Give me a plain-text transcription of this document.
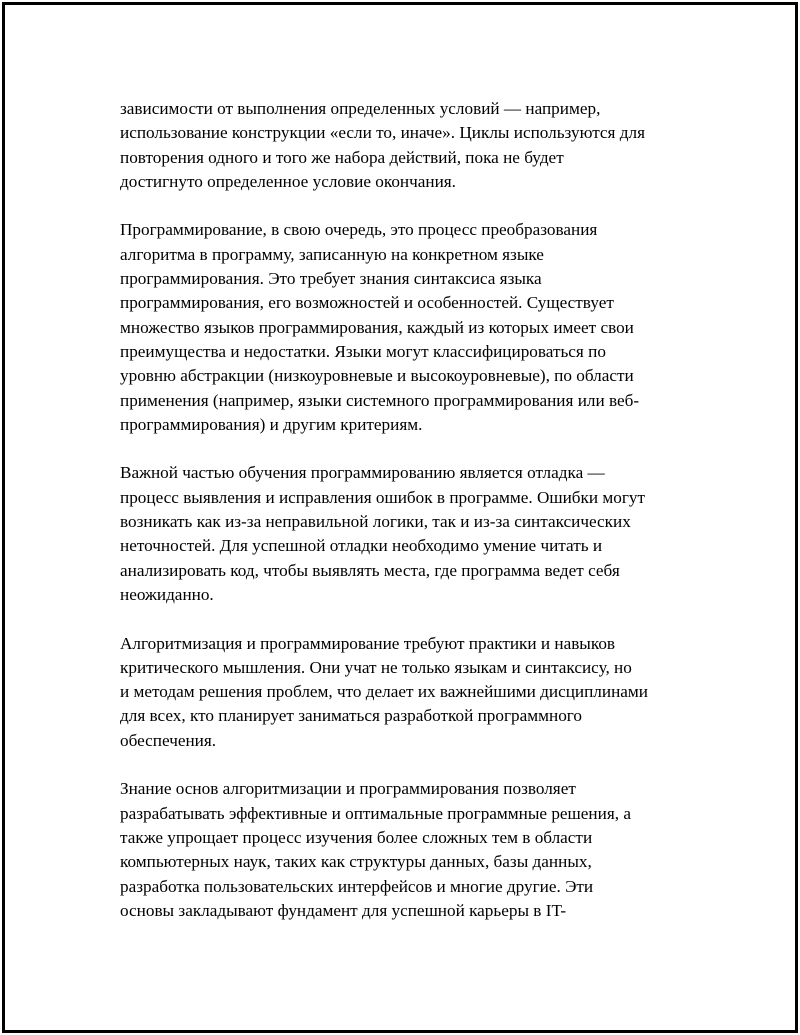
зависимости от выполнения определенных условий — например,
использование конструкции «если то, иначе». Циклы используются для
повторения одного и того же набора действий, пока не будет
достигнуто определенное условие окончания.

Программирование, в свою очередь, это процесс преобразования
алгоритма в программу, записанную на конкретном языке
программирования. Это требует знания синтаксиса языка
программирования, его возможностей и особенностей. Существует
множество языков программирования, каждый из которых имеет свои
преимущества и недостатки. Языки могут классифицироваться по
уровню абстракции (низкоуровневые и высокоуровневые), по области
применения (например, языки системного программирования или веб-
программирования) и другим критериям.

Важной частью обучения программированию является отладка —
процесс выявления и исправления ошибок в программе. Ошибки могут
возникать как из-за неправильной логики, так и из-за синтаксических
неточностей. Для успешной отладки необходимо умение читать и
анализировать код, чтобы выявлять места, где программа ведет себя
неожиданно.

Алгоритмизация и программирование требуют практики и навыков
критического мышления. Они учат не только языкам и синтаксису, но
и методам решения проблем, что делает их важнейшими дисциплинами
для всех, кто планирует заниматься разработкой программного
обеспечения.

Знание основ алгоритмизации и программирования позволяет
разрабатывать эффективные и оптимальные программные решения, а
также упрощает процесс изучения более сложных тем в области
компьютерных наук, таких как структуры данных, базы данных,
разработка пользовательских интерфейсов и многие другие. Эти
основы закладывают фундамент для успешной карьеры в IT-
